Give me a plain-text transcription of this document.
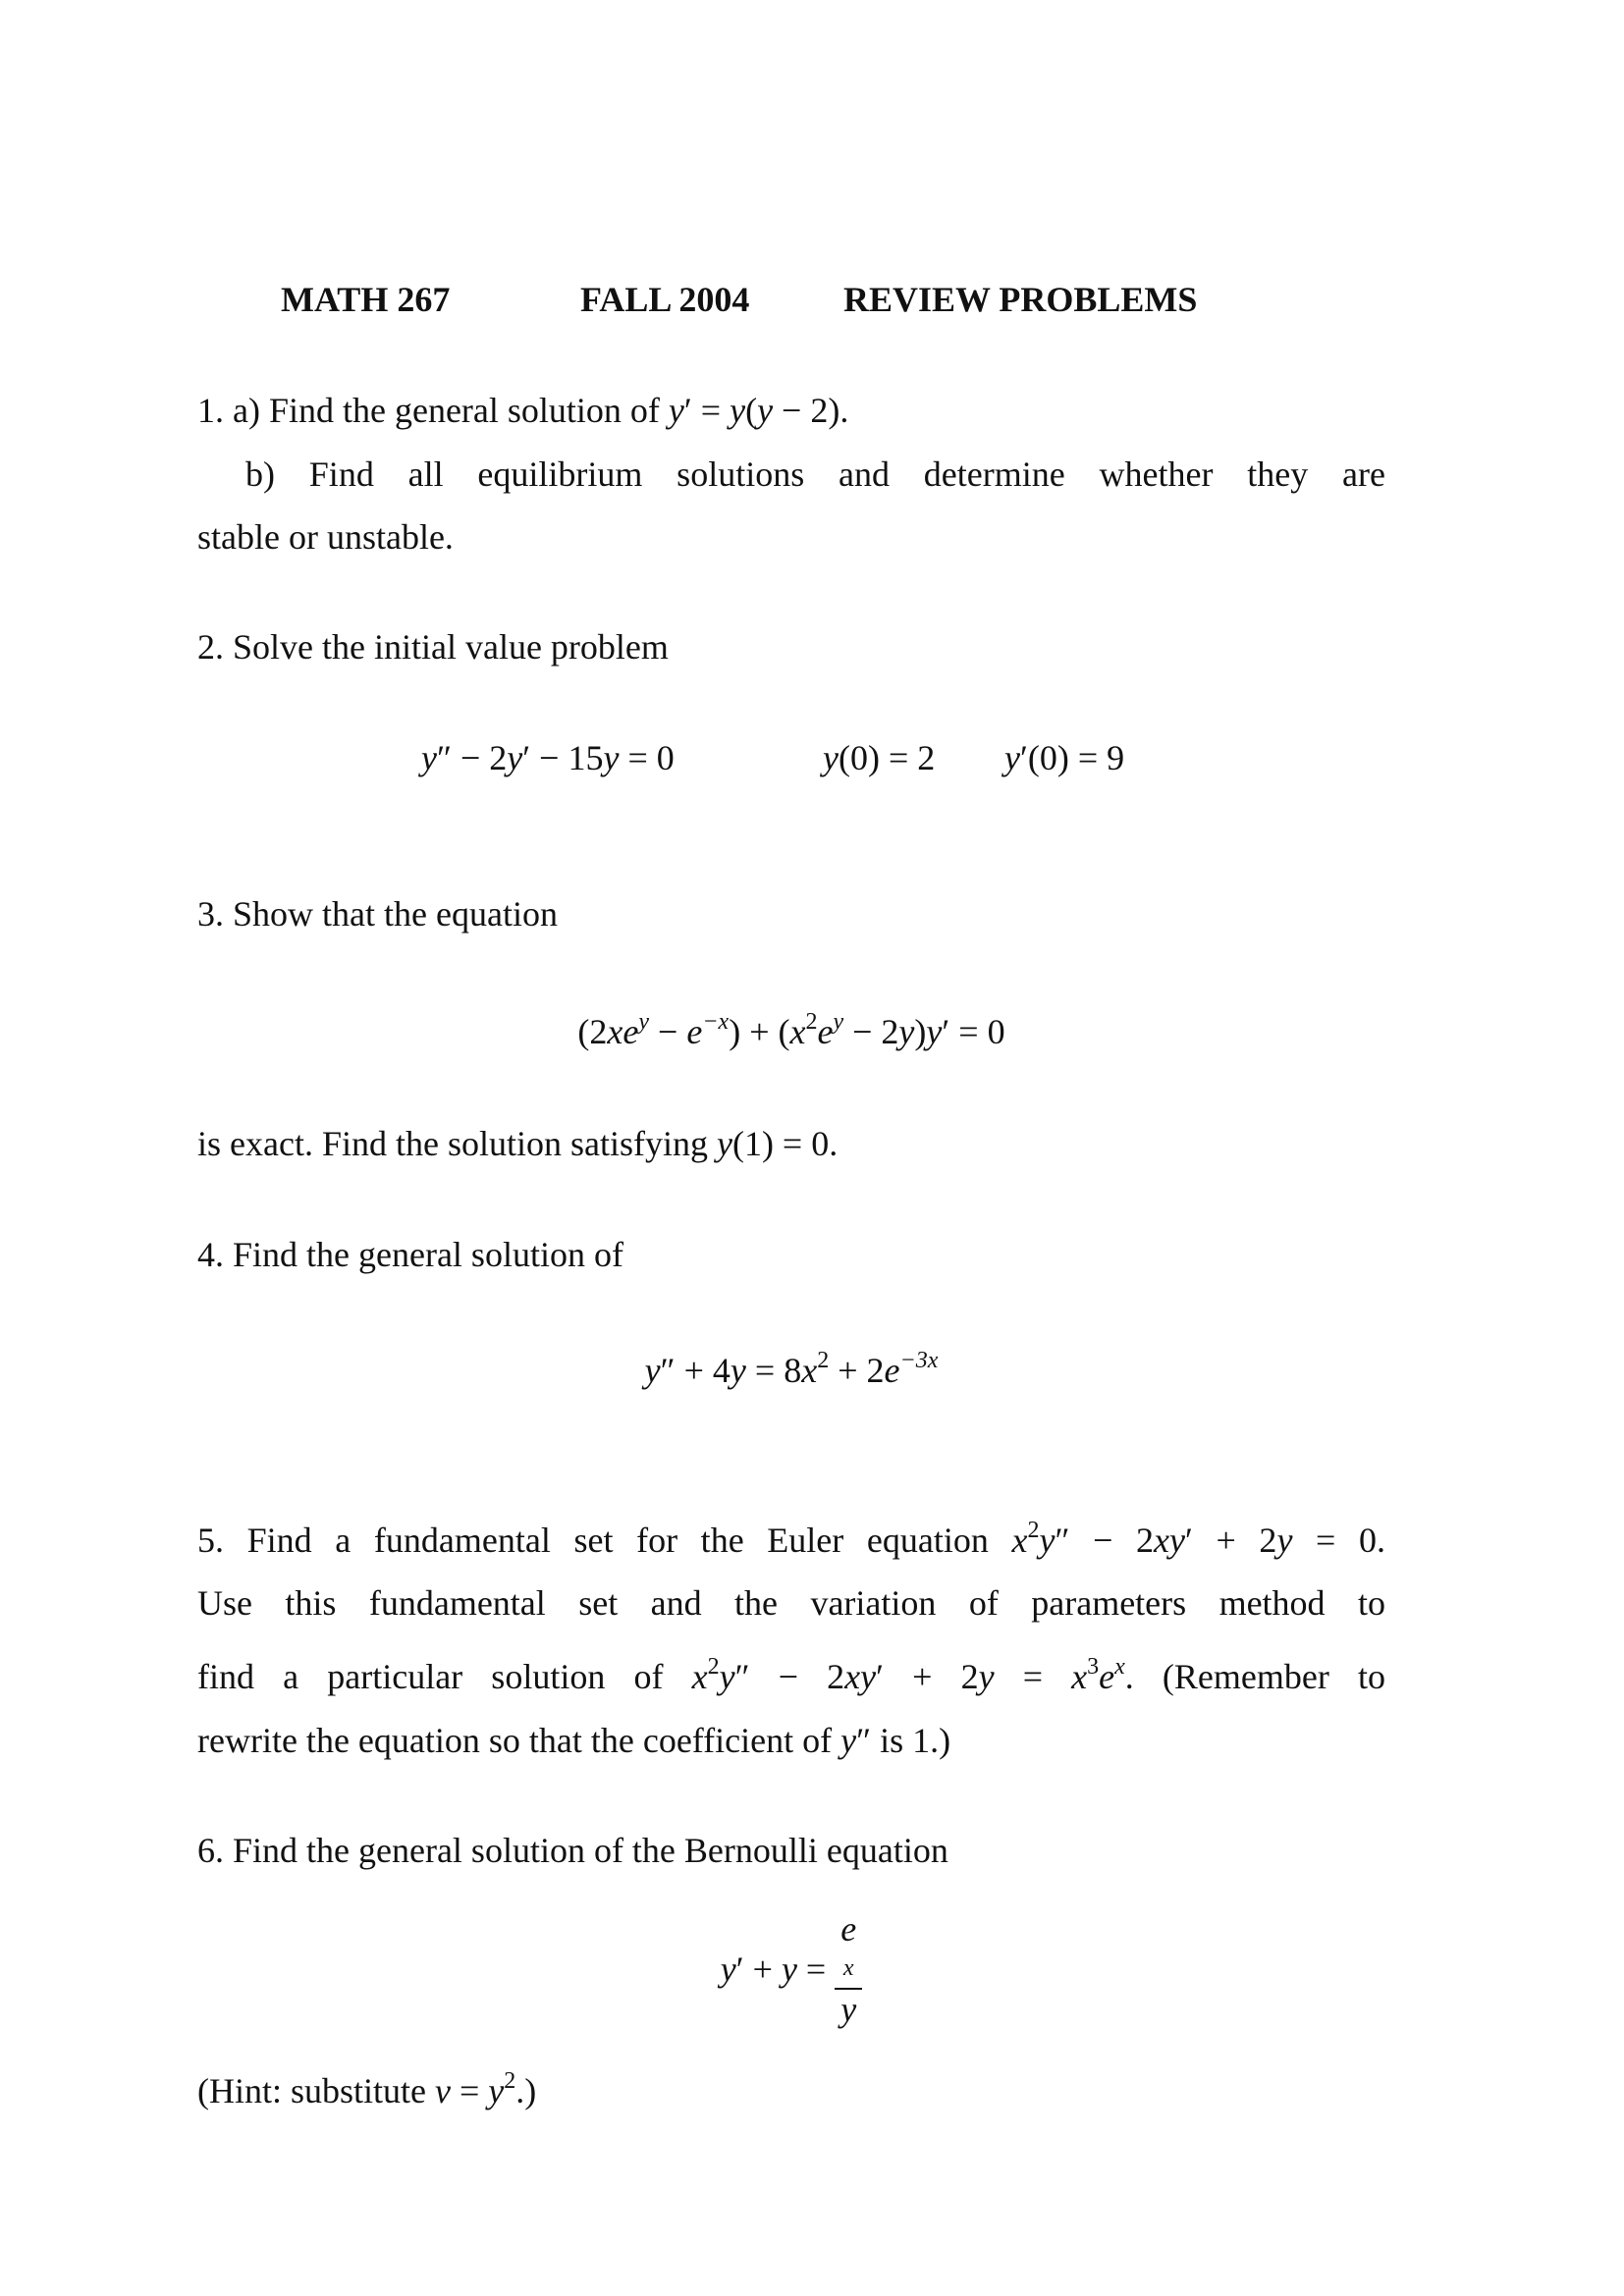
MATH 267	FALL 2004	REVIEW PROBLEMS
1. a) Find the general solution of y′ = y(y − 2).
b) Find all equilibrium solutions and determine whether they are
stable or unstable.
2. Solve the initial value problem
y″ − 2y′ − 15y = 0	y(0) = 2 y′(0) = 9
3. Show that the equation
$(2xe^y - e^{-x}) + (x^2e^y - 2y)y' = 0$
is exact. Find the solution satisfying y(1) = 0.
4. Find the general solution of
$y'' + 4y = 8x^2 + 2e^{-3x}$
5. Find a fundamental set for the Euler equation $x^2y'' - 2xy' + 2y = 0$.
Use this fundamental set and the variation of parameters method to
find a particular solution of $x^2y'' - 2xy' + 2y = x^3e^x$. (Remember to
rewrite the equation so that the coefficient of y″ is 1.)
6. Find the general solution of the Bernoulli equation
y′ + y = e
x
y
(Hint: substitute $v = y^2$.)
